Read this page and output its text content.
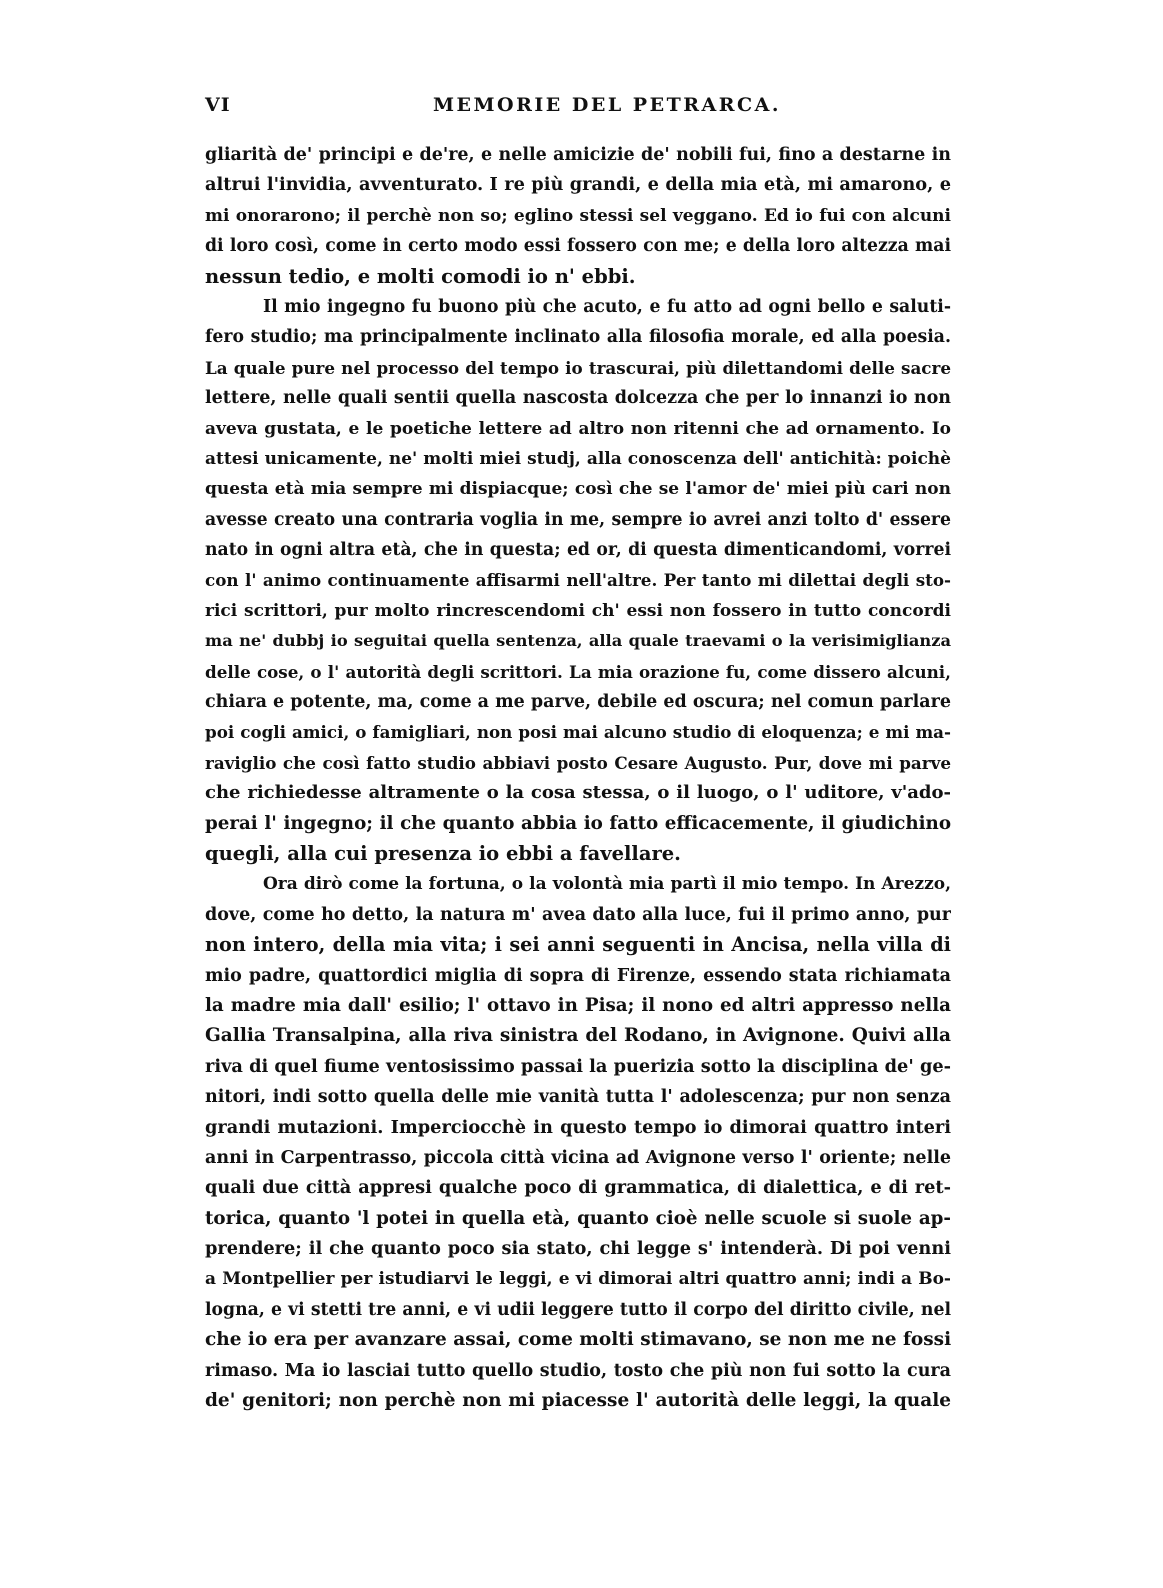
VI	MEMORIE DEL PETRARCA.
gliarità de' principi e de're, e nelle amicizie de' nobili fui, fino a destarne in
altrui l'invidia, avventurato. I re più grandi, e della mia età, mi amarono, e
mi onorarono; il perchè non so; eglino stessi sel veggano. Ed io fui con alcuni
di loro così, come in certo modo essi fossero con me; e della loro altezza mai
nessun tedio, e molti comodi io n' ebbi.
Il mio ingegno fu buono più che acuto, e fu atto ad ogni bello e saluti-
fero studio; ma principalmente inclinato alla filosofia morale, ed alla poesia.
La quale pure nel processo del tempo io trascurai, più dilettandomi delle sacre
lettere, nelle quali sentii quella nascosta dolcezza che per lo innanzi io non
aveva gustata, e le poetiche lettere ad altro non ritenni che ad ornamento. Io
attesi unicamente, ne' molti miei studj, alla conoscenza dell' antichità: poichè
questa età mia sempre mi dispiacque; così che se l'amor de' miei più cari non
avesse creato una contraria voglia in me, sempre io avrei anzi tolto d' essere
nato in ogni altra età, che in questa; ed or, di questa dimenticandomi, vorrei
con l' animo continuamente affisarmi nell'altre. Per tanto mi dilettai degli sto-
rici scrittori, pur molto rincrescendomi ch' essi non fossero in tutto concordi
ma ne' dubbj io seguitai quella sentenza, alla quale traevami o la verisimiglianza
delle cose, o l' autorità degli scrittori. La mia orazione fu, come dissero alcuni,
chiara e potente, ma, come a me parve, debile ed oscura; nel comun parlare
poi cogli amici, o famigliari, non posi mai alcuno studio di eloquenza; e mi ma-
raviglio che così fatto studio abbiavi posto Cesare Augusto. Pur, dove mi parve
che richiedesse altramente o la cosa stessa, o il luogo, o l' uditore, v'ado-
perai l' ingegno; il che quanto abbia io fatto efficacemente, il giudichino
quegli, alla cui presenza io ebbi a favellare.
Ora dirò come la fortuna, o la volontà mia partì il mio tempo. In Arezzo,
dove, come ho detto, la natura m' avea dato alla luce, fui il primo anno, pur
non intero, della mia vita; i sei anni seguenti in Ancisa, nella villa di
mio padre, quattordici miglia di sopra di Firenze, essendo stata richiamata
la madre mia dall' esilio; l' ottavo in Pisa; il nono ed altri appresso nella
Gallia Transalpina, alla riva sinistra del Rodano, in Avignone. Quivi alla
riva di quel fiume ventosissimo passai la puerizia sotto la disciplina de' ge-
nitori, indi sotto quella delle mie vanità tutta l' adolescenza; pur non senza
grandi mutazioni. Imperciocchè in questo tempo io dimorai quattro interi
anni in Carpentrasso, piccola città vicina ad Avignone verso l' oriente; nelle
quali due città appresi qualche poco di grammatica, di dialettica, e di ret-
torica, quanto 'l potei in quella età, quanto cioè nelle scuole si suole ap-
prendere; il che quanto poco sia stato, chi legge s' intenderà. Di poi venni
a Montpellier per istudiarvi le leggi, e vi dimorai altri quattro anni; indi a Bo-
logna, e vi stetti tre anni, e vi udii leggere tutto il corpo del diritto civile, nel
che io era per avanzare assai, come molti stimavano, se non me ne fossi
rimaso. Ma io lasciai tutto quello studio, tosto che più non fui sotto la cura
de' genitori; non perchè non mi piacesse l' autorità delle leggi, la quale
